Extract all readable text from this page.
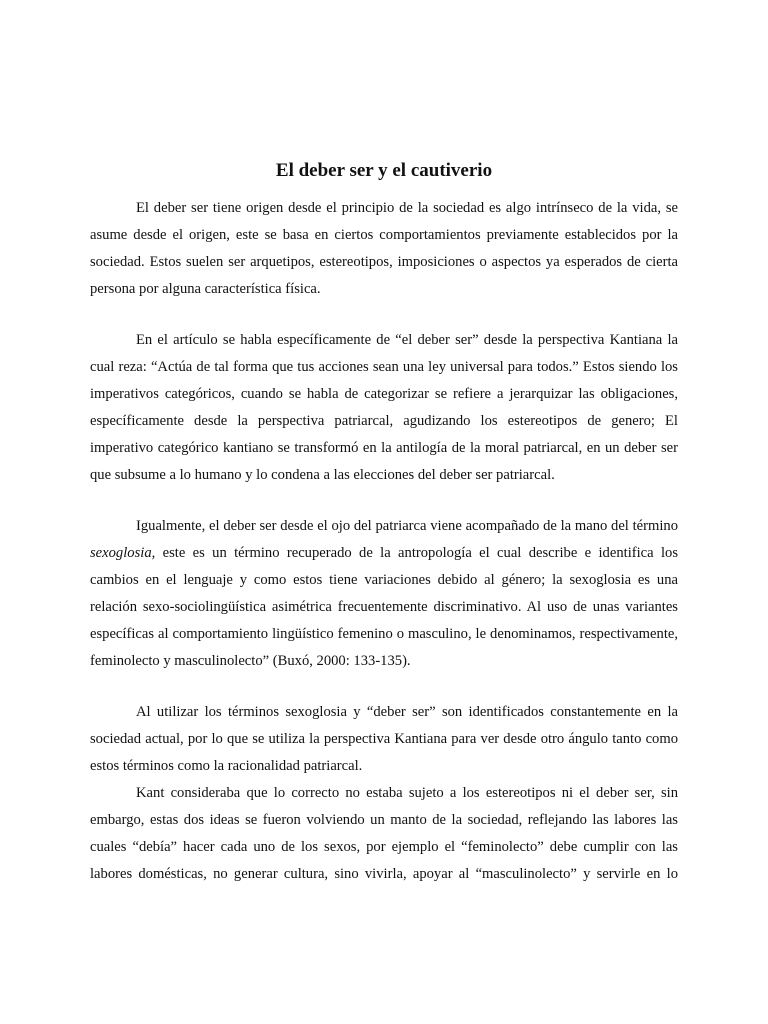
El deber ser y el cautiverio

El deber ser tiene origen desde el principio de la sociedad es algo intrínseco de la vida, se asume desde el origen, este se basa en ciertos comportamientos previamente establecidos por la sociedad. Estos suelen ser arquetipos, estereotipos, imposiciones o aspectos ya esperados de cierta persona por alguna característica física.

En el artículo se habla específicamente de “el deber ser” desde la perspectiva Kantiana la cual reza: “Actúa de tal forma que tus acciones sean una ley universal para todos.” Estos siendo los imperativos categóricos, cuando se habla de categorizar se refiere a jerarquizar las obligaciones, específicamente desde la perspectiva patriarcal, agudizando los estereotipos de genero; El imperativo categórico kantiano se transformó en la antilogía de la moral patriarcal, en un deber ser que subsume a lo humano y lo condena a las elecciones del deber ser patriarcal.

Igualmente, el deber ser desde el ojo del patriarca viene acompañado de la mano del término sexoglosia, este es un término recuperado de la antropología el cual describe e identifica los cambios en el lenguaje y como estos tiene variaciones debido al género; la sexoglosia es una relación sexo-sociolingüística asimétrica frecuentemente discriminativo. Al uso de unas variantes específicas al comportamiento lingüístico femenino o masculino, le denominamos, respectivamente, feminolecto y masculinolecto” (Buxó, 2000: 133-135).

Al utilizar los términos sexoglosia y “deber ser” son identificados constantemente en la sociedad actual, por lo que se utiliza la perspectiva Kantiana para ver desde otro ángulo tanto como estos términos como la racionalidad patriarcal.

Kant consideraba que lo correcto no estaba sujeto a los estereotipos ni el deber ser, sin embargo, estas dos ideas se fueron volviendo un manto de la sociedad, reflejando las labores las cuales “debía” hacer cada uno de los sexos, por ejemplo el “feminolecto” debe cumplir con las labores domésticas, no generar cultura, sino vivirla, apoyar al “masculinolecto” y servirle en lo
